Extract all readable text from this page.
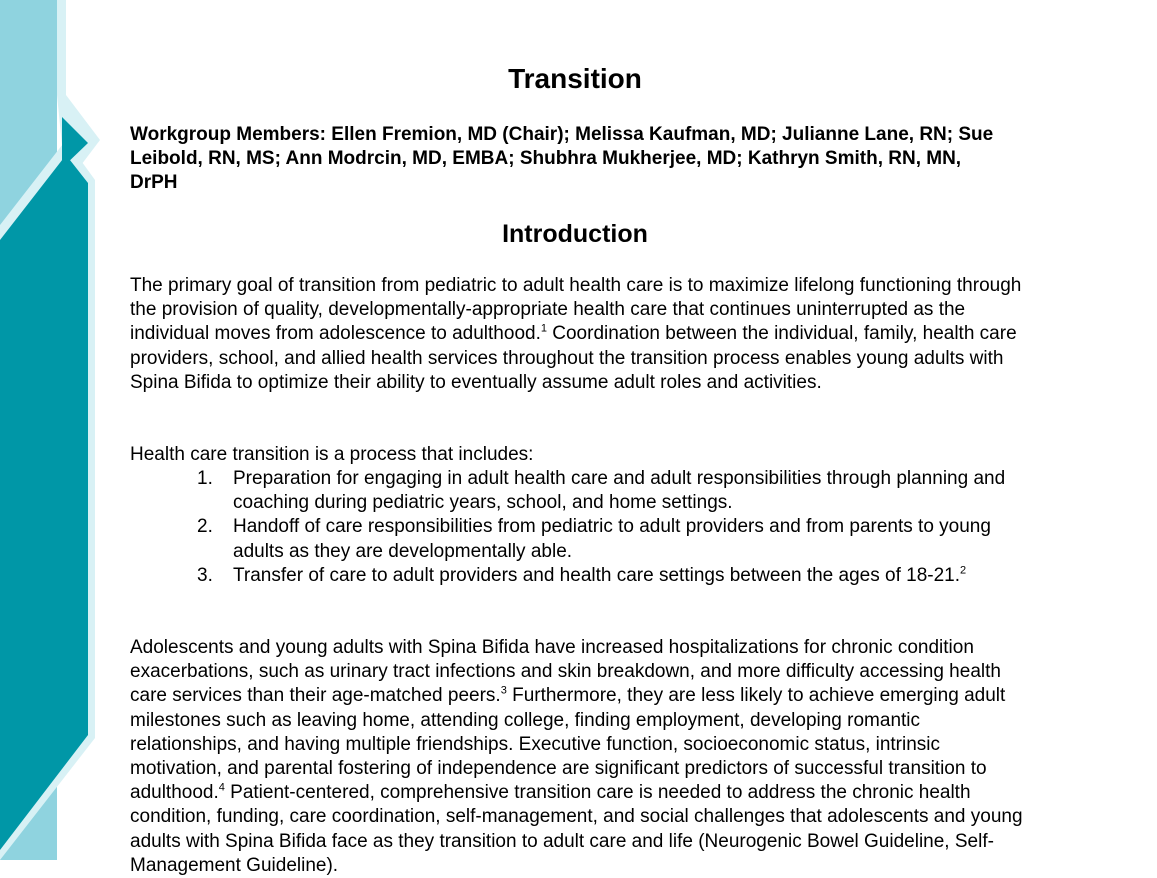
Transition

Workgroup Members: Ellen Fremion, MD (Chair); Melissa Kaufman, MD; Julianne Lane, RN; Sue Leibold, RN, MS; Ann Modrcin, MD, EMBA; Shubhra Mukherjee, MD; Kathryn Smith, RN, MN, DrPH

Introduction

The primary goal of transition from pediatric to adult health care is to maximize lifelong functioning through the provision of quality, developmentally-appropriate health care that continues uninterrupted as the individual moves from adolescence to adulthood.$^1$ Coordination between the individual, family, health care providers, school, and allied health services throughout the transition process enables young adults with Spina Bifida to optimize their ability to eventually assume adult roles and activities.

Health care transition is a process that includes:

1. Preparation for engaging in adult health care and adult responsibilities through planning and coaching during pediatric years, school, and home settings.
2. Handoff of care responsibilities from pediatric to adult providers and from parents to young adults as they are developmentally able.
3. Transfer of care to adult providers and health care settings between the ages of 18-21.$^2$

Adolescents and young adults with Spina Bifida have increased hospitalizations for chronic condition exacerbations, such as urinary tract infections and skin breakdown, and more difficulty accessing health care services than their age-matched peers.$^3$ Furthermore, they are less likely to achieve emerging adult milestones such as leaving home, attending college, finding employment, developing romantic relationships, and having multiple friendships. Executive function, socioeconomic status, intrinsic motivation, and parental fostering of independence are significant predictors of successful transition to adulthood.$^4$ Patient-centered, comprehensive transition care is needed to address the chronic health condition, funding, care coordination, self-management, and social challenges that adolescents and young adults with Spina Bifida face as they transition to adult care and life (Neurogenic Bowel Guideline, Self-Management Guideline).
